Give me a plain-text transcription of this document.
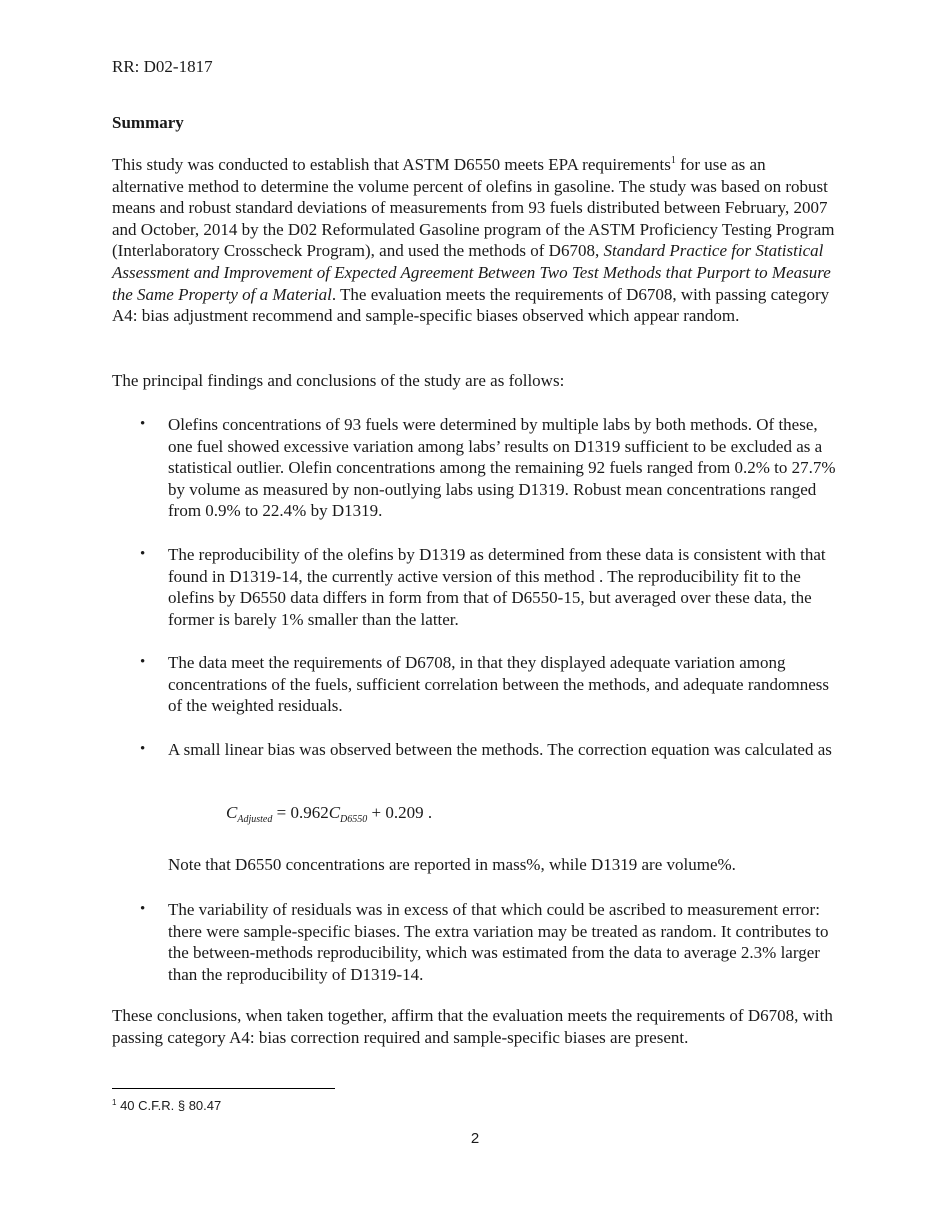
RR: D02-1817
Summary

This study was conducted to establish that ASTM D6550 meets EPA requirements$^1$ for use as an alternative method to determine the volume percent of olefins in gasoline. The study was based on robust means and robust standard deviations of measurements from 93 fuels distributed between February, 2007 and October, 2014 by the D02 Reformulated Gasoline program of the ASTM Proficiency Testing Program (Interlaboratory Crosscheck Program), and used the methods of D6708, Standard Practice for Statistical Assessment and Improvement of Expected Agreement Between Two Test Methods that Purport to Measure the Same Property of a Material. The evaluation meets the requirements of D6708, with passing category A4: bias adjustment recommend and sample-specific biases observed which appear random.

The principal findings and conclusions of the study are as follows:

• Olefins concentrations of 93 fuels were determined by multiple labs by both methods. Of these, one fuel showed excessive variation among labs’ results on D1319 sufficient to be excluded as a statistical outlier. Olefin concentrations among the remaining 92 fuels ranged from 0.2% to 27.7% by volume as measured by non-outlying labs using D1319. Robust mean concentrations ranged from 0.9% to 22.4% by D1319.

• The reproducibility of the olefins by D1319 as determined from these data is consistent with that found in D1319-14, the currently active version of this method . The reproducibility fit to the olefins by D6550 data differs in form from that of D6550-15, but averaged over these data, the former is barely 1% smaller than the latter.

• The data meet the requirements of D6708, in that they displayed adequate variation among concentrations of the fuels, sufficient correlation between the methods, and adequate randomness of the weighted residuals.

• A small linear bias was observed between the methods. The correction equation was calculated as

$C_{Adjusted} = 0.962C_{D6550} + 0.209$ .
Note that D6550 concentrations are reported in mass%, while D1319 are volume%.

• The variability of residuals was in excess of that which could be ascribed to measurement error: there were sample-specific biases. The extra variation may be treated as random. It contributes to the between-methods reproducibility, which was estimated from the data to average 2.3% larger than the reproducibility of D1319-14.

These conclusions, when taken together, affirm that the evaluation meets the requirements of D6708, with passing category A4: bias correction required and sample-specific biases are present.

$^1$ 40 C.F.R. § 80.47
2
